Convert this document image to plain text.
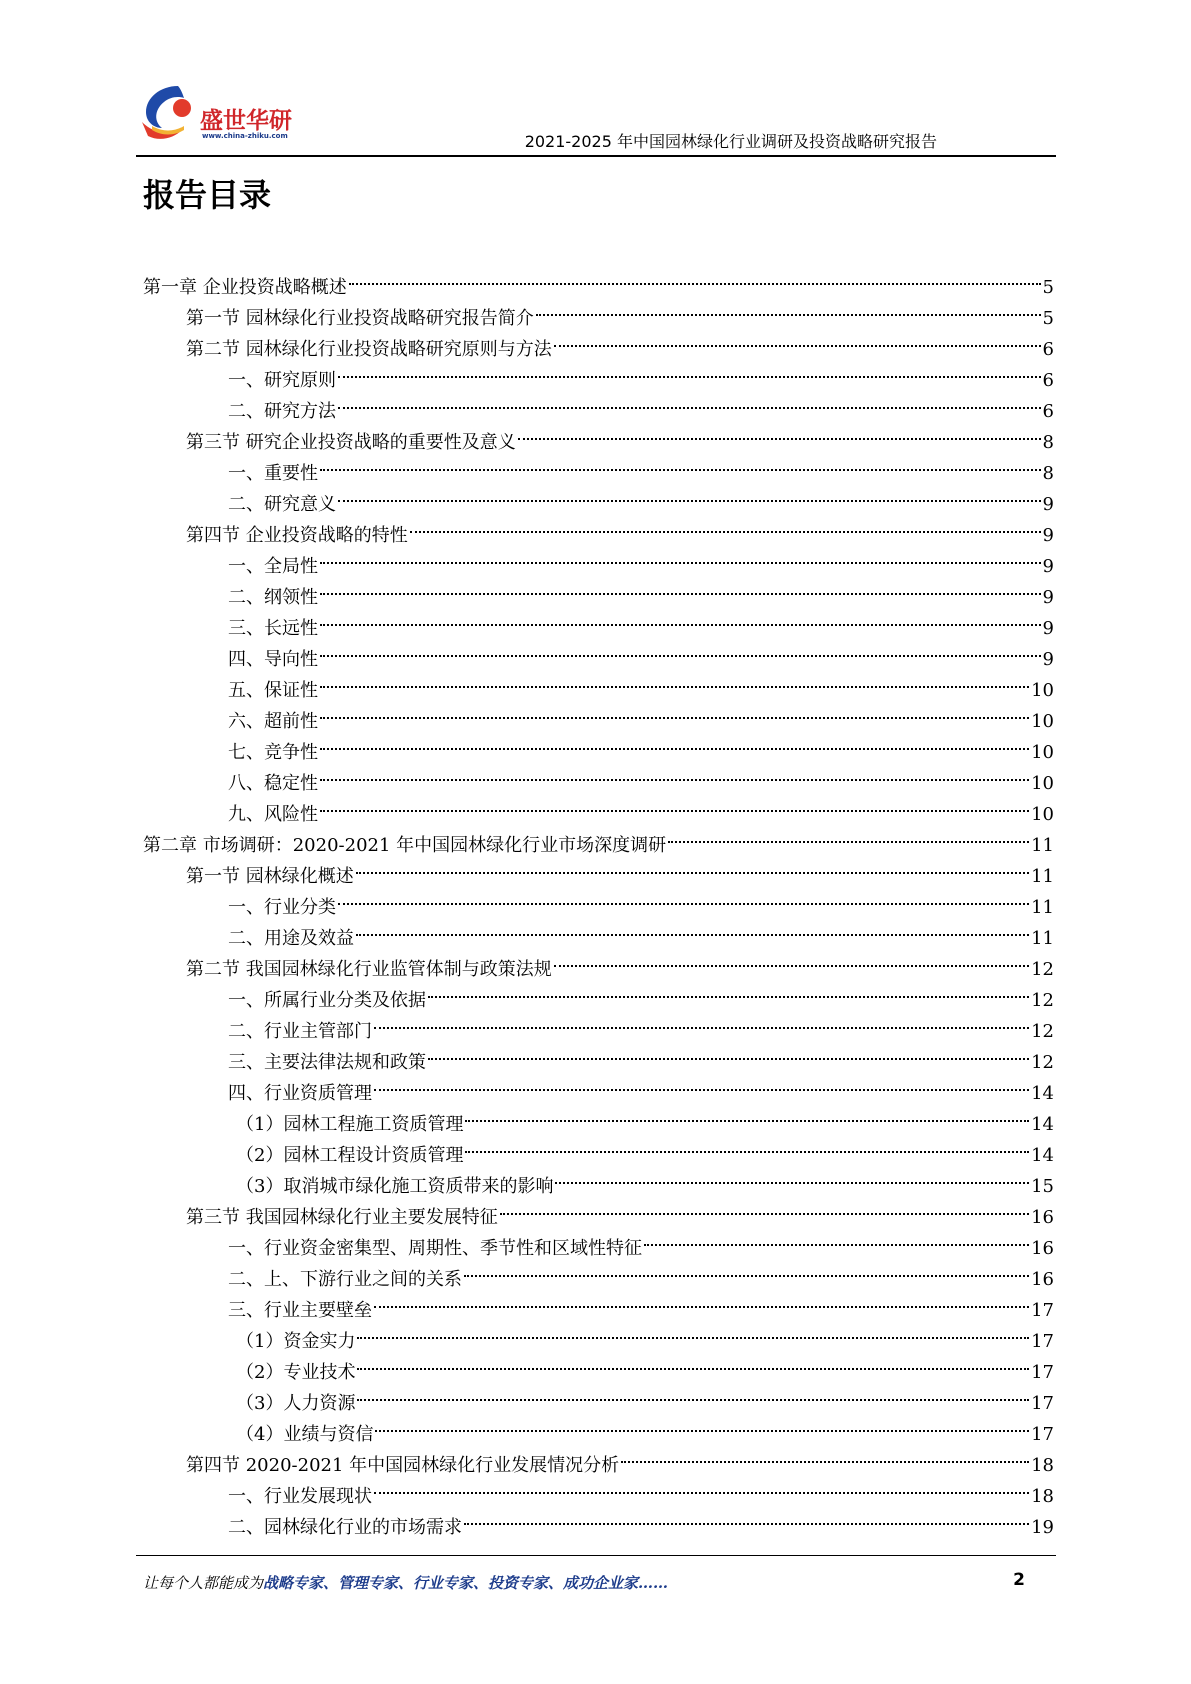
盛世华研
www.china-zhiku.com	2021-2025 年中国园林绿化行业调研及投资战略研究报告
报告目录
第一章 企业投资战略概述	5
第一节 园林绿化行业投资战略研究报告简介	5
第二节 园林绿化行业投资战略研究原则与方法	6
一、研究原则	6
二、研究方法	6
第三节 研究企业投资战略的重要性及意义	8
一、重要性	8
二、研究意义	9
第四节 企业投资战略的特性	9
一、全局性	9
二、纲领性	9
三、长远性	9
四、导向性	9
五、保证性	10
六、超前性	10
七、竞争性	10
八、稳定性	10
九、风险性	10
第二章 市场调研：2020-2021 年中国园林绿化行业市场深度调研	11
第一节 园林绿化概述	11
一、行业分类	11
二、用途及效益	11
第二节 我国园林绿化行业监管体制与政策法规	12
一、所属行业分类及依据	12
二、行业主管部门	12
三、主要法律法规和政策	12
四、行业资质管理	14
（1）园林工程施工资质管理	14
（2）园林工程设计资质管理	14
（3）取消城市绿化施工资质带来的影响	15
第三节 我国园林绿化行业主要发展特征	16
一、行业资金密集型、周期性、季节性和区域性特征	16
二、上、下游行业之间的关系	16
三、行业主要壁垒	17
（1）资金实力	17
（2）专业技术	17
（3）人力资源	17
（4）业绩与资信	17
第四节 2020-2021 年中国园林绿化行业发展情况分析	18
一、行业发展现状	18
二、园林绿化行业的市场需求	19
让每个人都能成为战略专家、管理专家、行业专家、投资专家、成功企业家……	2
